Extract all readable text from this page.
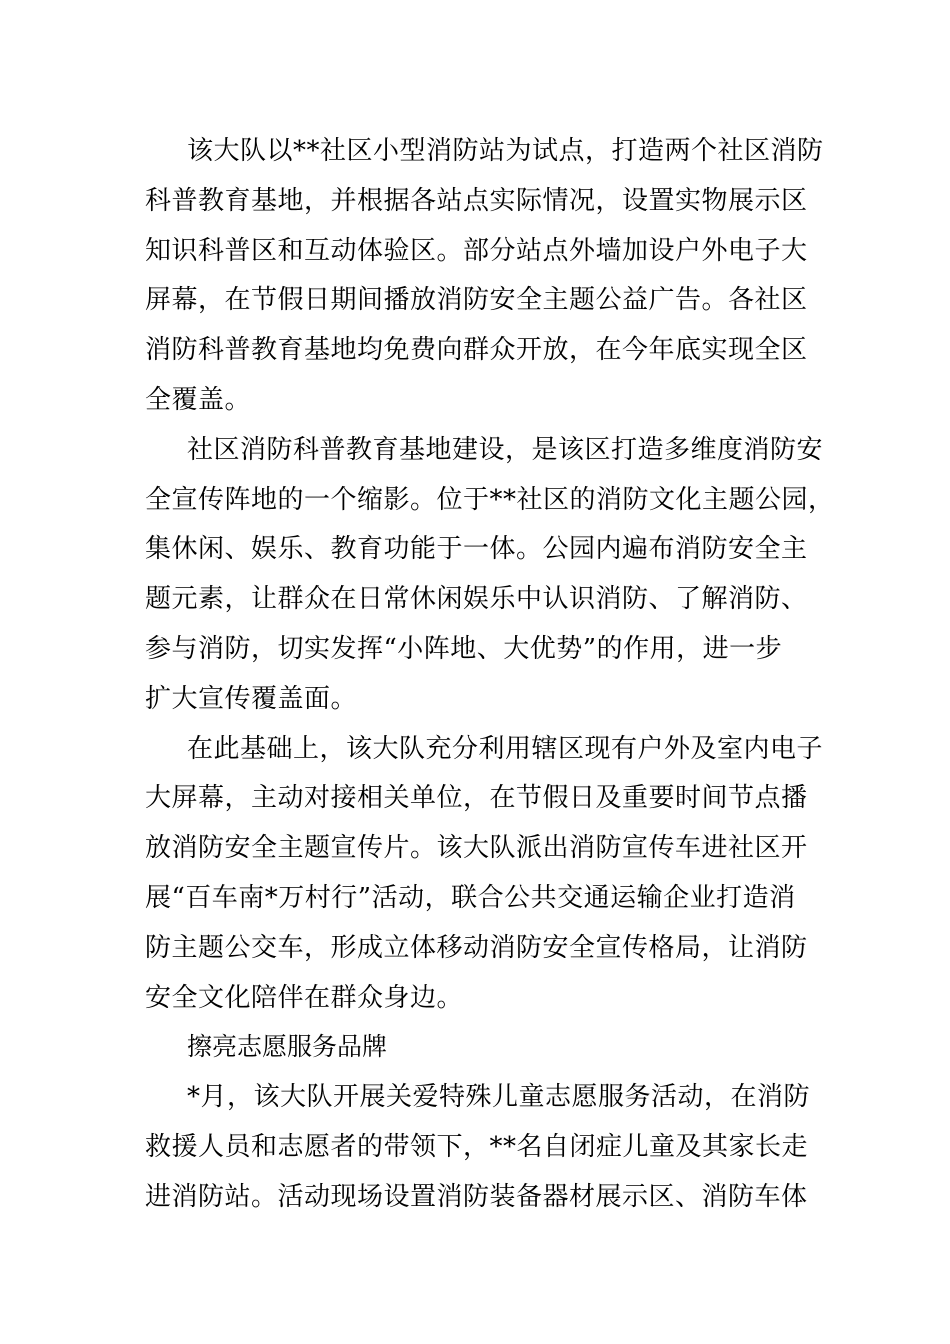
该大队以**社区小型消防站为试点，打造两个社区消防
科普教育基地，并根据各站点实际情况，设置实物展示区
知识科普区和互动体验区。部分站点外墙加设户外电子大
屏幕，在节假日期间播放消防安全主题公益广告。各社区
消防科普教育基地均免费向群众开放，在今年底实现全区
全覆盖。
社区消防科普教育基地建设，是该区打造多维度消防安
全宣传阵地的一个缩影。位于**社区的消防文化主题公园，
集休闲、娱乐、教育功能于一体。公园内遍布消防安全主
题元素，让群众在日常休闲娱乐中认识消防、了解消防、
参与消防，切实发挥“小阵地、大优势”的作用，进一步
扩大宣传覆盖面。
在此基础上，该大队充分利用辖区现有户外及室内电子
大屏幕，主动对接相关单位，在节假日及重要时间节点播
放消防安全主题宣传片。该大队派出消防宣传车进社区开
展“百车南*万村行”活动，联合公共交通运输企业打造消
防主题公交车，形成立体移动消防安全宣传格局，让消防
安全文化陪伴在群众身边。
擦亮志愿服务品牌
*月，该大队开展关爱特殊儿童志愿服务活动，在消防
救援人员和志愿者的带领下，**名自闭症儿童及其家长走
进消防站。活动现场设置消防装备器材展示区、消防车体
